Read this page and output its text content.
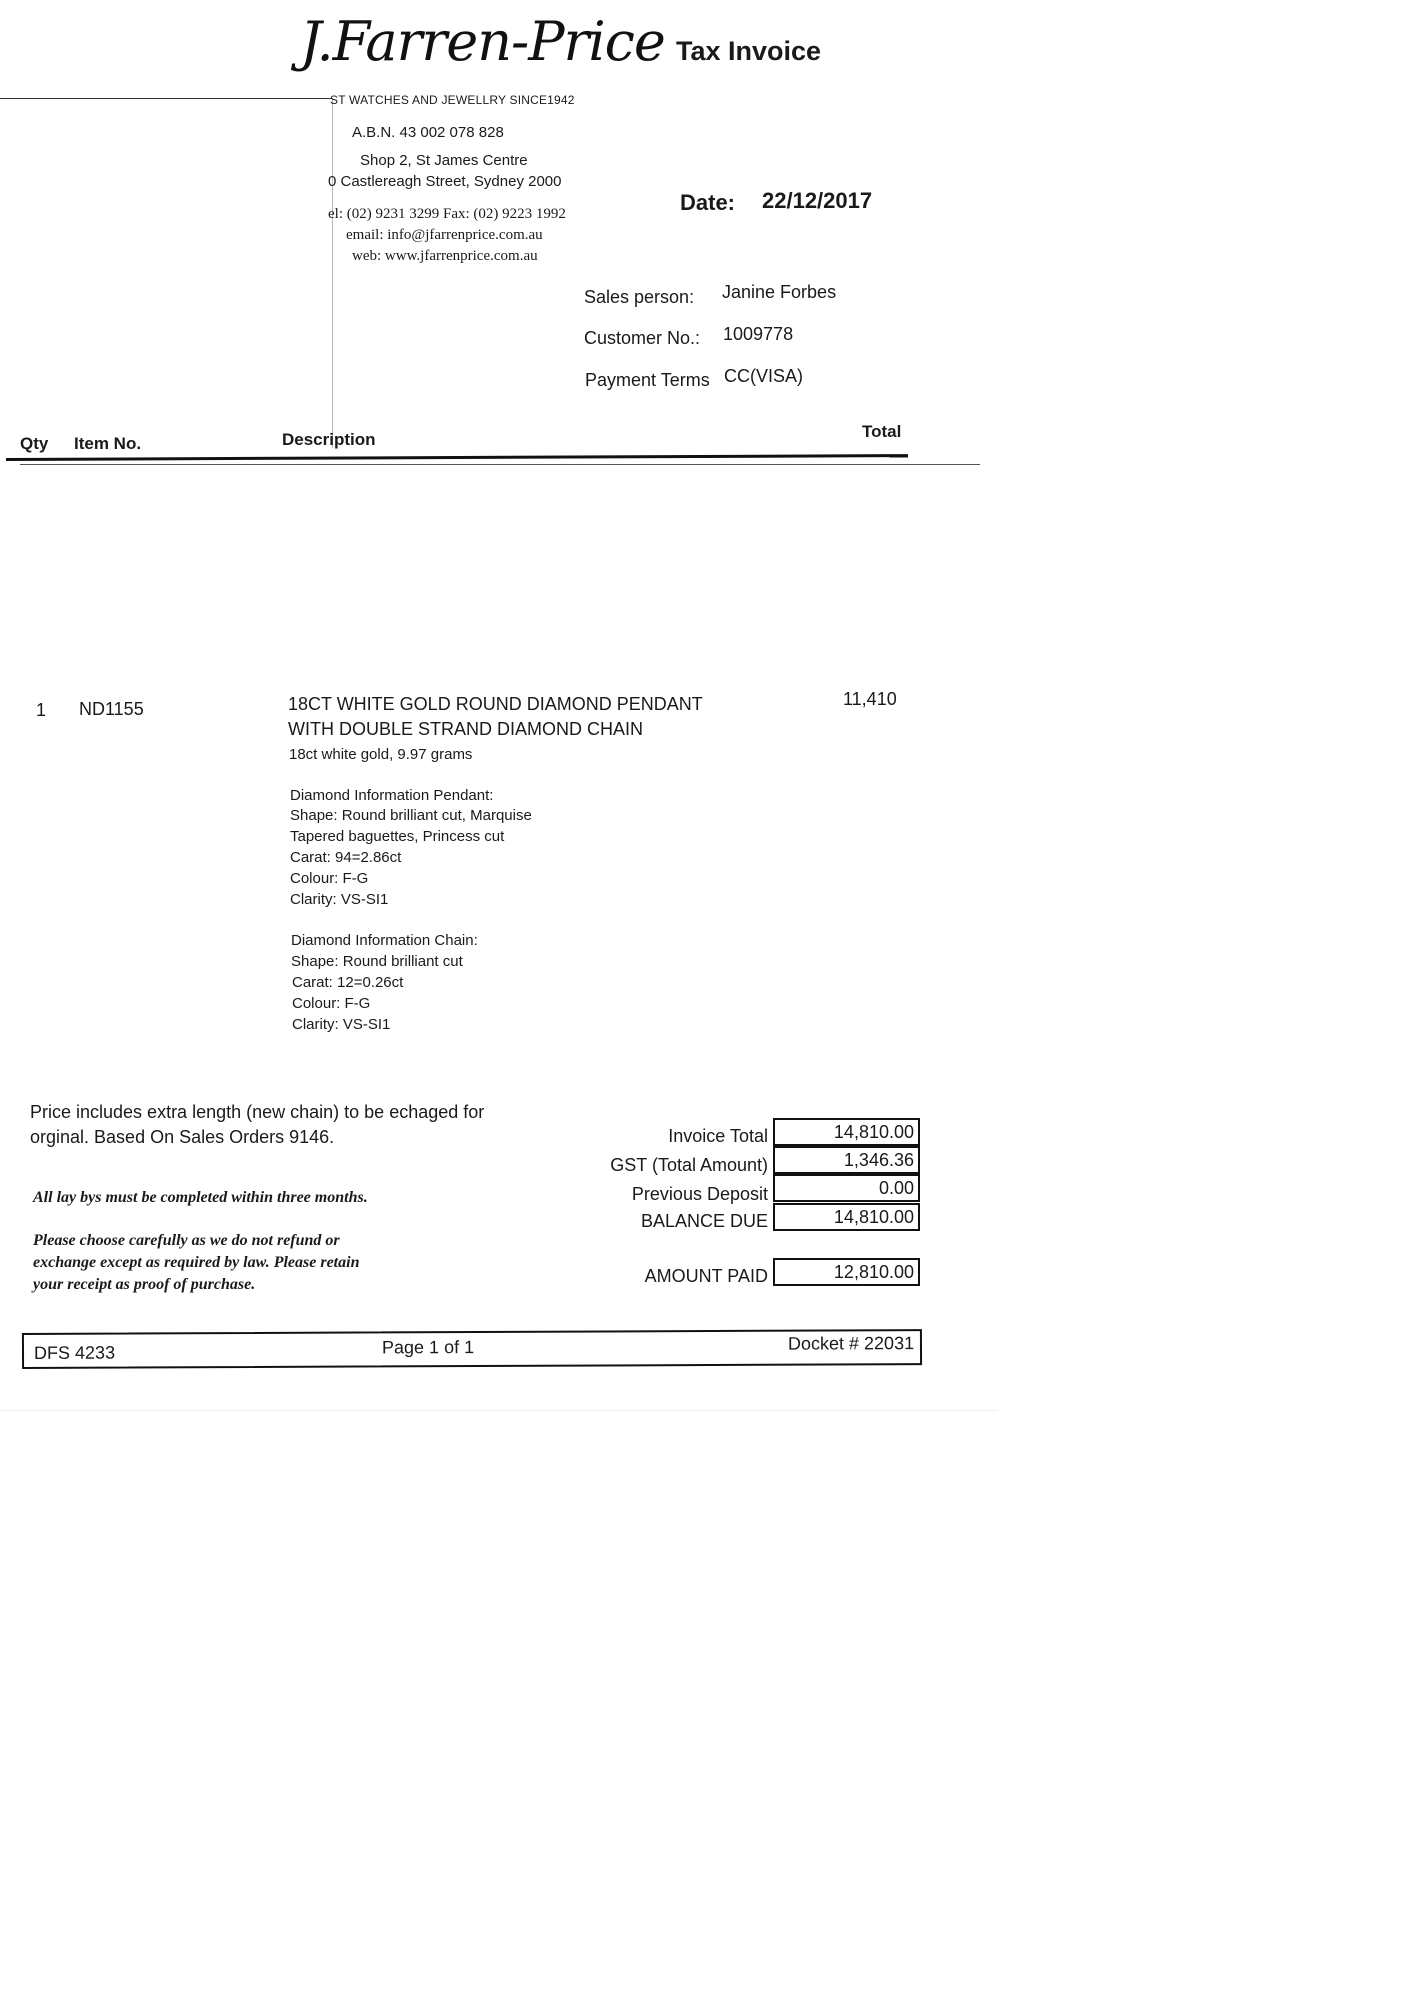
J.Farren-Price
ST WATCHES AND JEWELLRY SINCE1942
A.B.N. 43 002 078 828
Shop 2, St James Centre
0 Castlereagh Street, Sydney 2000
el: (02) 9231 3299 Fax: (02) 9223 1992
email: info@jfarrenprice.com.au
web: www.jfarrenprice.com.au
Tax Invoice
Date: 22/12/2017
Sales person: Janine Forbes
Customer No.: 1009778
Payment Terms CC(VISA)
Qty Item No.	Description	Total
1 ND1155	11,410
18CT WHITE GOLD ROUND DIAMOND PENDANT
WITH DOUBLE STRAND DIAMOND CHAIN
18ct white gold, 9.97 grams
Diamond Information Pendant:
Shape: Round brilliant cut, Marquise
Tapered baguettes, Princess cut
Carat: 94=2.86ct
Colour: F-G
Clarity: VS-SI1
Diamond Information Chain:
Shape: Round brilliant cut
Carat: 12=0.26ct
Colour: F-G
Clarity: VS-SI1
Price includes extra length (new chain) to be echaged for
orginal. Based On Sales Orders 9146.
All lay bys must be completed within three months.
Please choose carefully as we do not refund or
exchange except as required by law. Please retain
your receipt as proof of purchase.
Invoice Total	14,810.00
GST (Total Amount)	1,346.36
Previous Deposit	0.00
BALANCE DUE	14,810.00
AMOUNT PAID	12,810.00
DFS 4233	Page 1 of 1	Docket # 22031
